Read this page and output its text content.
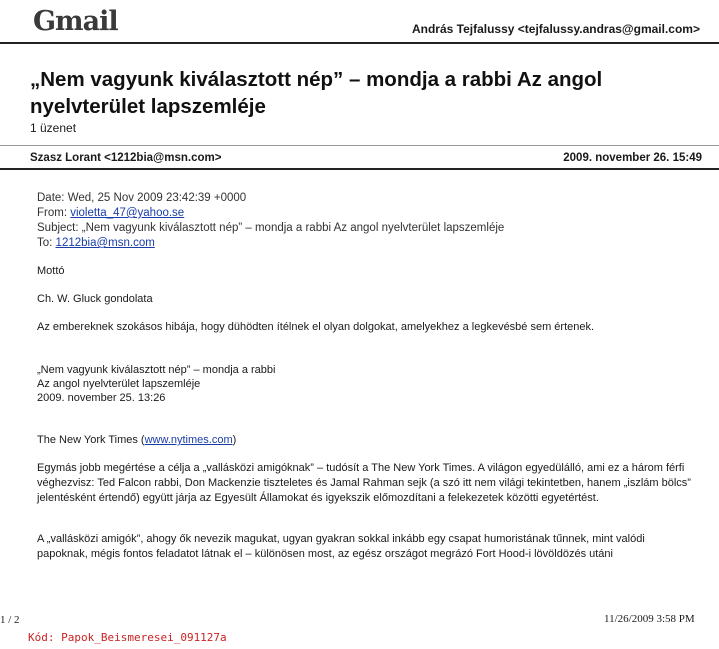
Gmail	András Tejfalussy <tejfalussy.andras@gmail.com>
„Nem vagyunk kiválasztott nép” – mondja a rabbi Az angol nyelvterület lapszemléje
1 üzenet
Szasz Lorant <1212bia@msn.com>	2009. november 26. 15:49
Date: Wed, 25 Nov 2009 23:42:39 +0000
From: violetta_47@yahoo.se
Subject: „Nem vagyunk kiválasztott nép” – mondja a rabbi Az angol nyelvterület lapszemléje
To: 1212bia@msn.com
Mottó
Ch. W. Gluck gondolata
Az embereknek szokásos hibája, hogy dühödten ítélnek el olyan dolgokat, amelyekhez a legkevésbé sem értenek.
„Nem vagyunk kiválasztott nép” – mondja a rabbi
Az angol nyelvterület lapszemléje
2009. november 25. 13:26
The New York Times (www.nytimes.com)
Egymás jobb megértése a célja a „vallásközi amigóknak” – tudósít a The New York Times. A világon egyedülálló, ami ez a három férfi véghezvisz: Ted Falcon rabbi, Don Mackenzie tiszteletes és Jamal Rahman sejk (a szó itt nem világi tekintetben, hanem „iszlám bölcs” jelentésként értendő) együtt járja az Egyesült Államokat és igyekszik előmozdítani a felekezetek közötti egyetértést.
A „vallásközi amigók”, ahogy ők nevezik magukat, ugyan gyakran sokkal inkább egy csapat humoristának tűnnek, mint valódi papoknak, mégis fontos feladatot látnak el – különösen most, az egész országot megrázó Fort Hood-i lövöldözés utáni
1 / 2	11/26/2009 3:58 PM
Kód: Papok_Beismeresei_091127a
